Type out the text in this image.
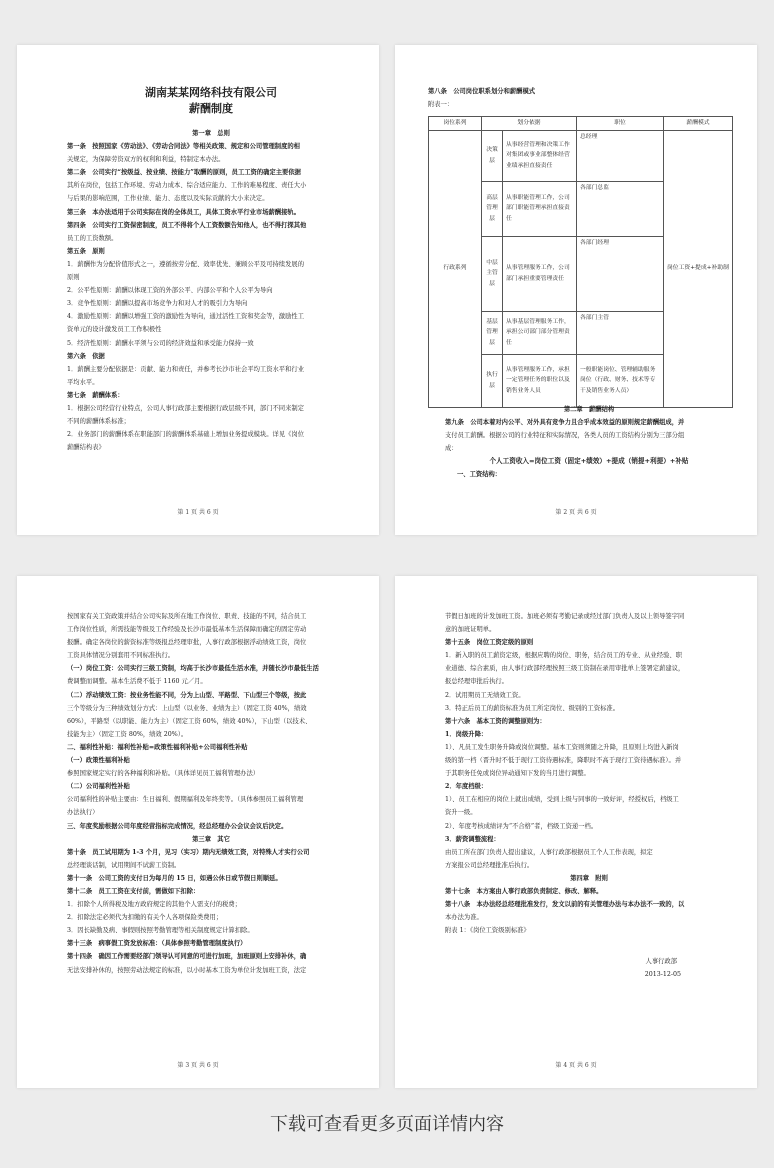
湖南某某网络科技有限公司

薪酬制度

第一章　总则

第一条　按照国家《劳动法》、《劳动合同法》等相关政策、规定和公司管理制度的相

关规定，为保障劳资双方的权利和利益，特制定本办法。

第二条　公司实行“按级益、按业绩、按能力”取酬的原则，员工工资的确定主要依据

其所在岗位，包括工作环境、劳动力成本、综合适应能力、工作的难易程度、责任大小

与后果的影响范围，工作业绩、能力、态度以及实际贡献的大小来决定。

第三条　本办法适用于公司实际在岗的全体员工，具体工资水平行业市场薪酬接轨。

第四条　公司实行工资保密制度，员工不得将个人工资数额告知他人，也不得打探其他

员工的工资数额。

第五条　原则

1．薪酬作为分配价值形式之一，遵循按劳分配、效率优先、兼顾公平及可持续发展的

原则

2．公平性原则：薪酬以体现工资的外部公平、内部公平和个人公平为导向

3．竞争性原则：薪酬以提高市场竞争力和对人才的吸引力为导向

4．激励性原则：薪酬以增强工资的激励性为导向，通过活性工资和奖金等，激励性工

资单元的设计激发员工工作积极性

5．经济性原则：薪酬水平须与公司的经济效益和承受能力保持一致

第六条　依据

1．薪酬主要分配依据是：贡献、能力和责任，并参考长沙市社会平均工资水平和行业

平均水平。

第七条　薪酬体系：

1．根据公司经营行业特点，公司人事行政部主要根据行政层级不同，部门不同来制定

不同的薪酬体系标准；

2．业务部门的薪酬体系在职能部门的薪酬体系基础上增加业务提成模块。详见《岗位

薪酬结构表》

第 1 页 共 6 页

第八条　公司岗位职系划分和薪酬模式

附表一：

岗位系列	划分依据		职位	薪酬模式
行政系列	决策层	从事经营管理和决策工作对集团或事业部整体经营业绩承担直接责任	总经理	岗位工资+提成+补助制
	高层管理层	从事职能管理工作，公司部门职能管理承担直接责任	各部门总监	
	中层主管层	从事管理服务工作，公司部门承担重要管理责任	各部门经理	
	基层管理层	从事基层管理服务工作，承担公司部门部分管理责任	各部门主管	
	执行层	从事管理服务工作，承担一定管理任务的职位以及销售业务人员	一般职能岗位、管理辅助服务岗位（行政、财务、技术等专干及销售业务人员）	

第二章　薪酬结构

第九条　公司本着对内公平、对外具有竞争力且合乎成本效益的原则规定薪酬组成，并

支付员工薪酬。根据公司的行业特征和实际情况，各类人员的工资结构分别为三部分组

成：

个人工资收入=岗位工资（固定+绩效）+提成（销提+利提）+补贴

一、工资结构：

第 2 页 共 6 页

按国家有关工资政策并结合公司实际及所在地工作岗位、职责、技能的不同，结合员工

工作岗位性质，所需技能等级及工作经验及长沙市最低基本生活保障而确定的固定劳动

报酬。确定各岗位的薪资标准等级报总经理审批，人事行政部根据浮动绩效工资，岗位

工资具体情况分别套用不同标准执行。

（一）岗位工资：公司实行三级工资制，均高于长沙市最低生活水准，并随长沙市最低生活

费调整而调整。基本生活费不低于 1160 元／月。

（二）浮动绩效工资：按业务性能不同，分为上山型、平路型、下山型三个等级，按此

三个等级分为三种绩效划分方式：上山型（以业务、业绩为主）（固定工资 40%，绩效

60%），平路型（以职能、能力为主）（固定工资 60%，绩效 40%），下山型（以技术、

技能为主）（固定工资 80%，绩效 20%）。

二、福利性补贴：福利性补贴=政策性福利补贴+公司福利性补贴

（一）政策性福利补贴

参照国家规定实行的各种福利和补贴。（具体详见员工福利管理办法）

（二）公司福利性补贴

公司福利性的补贴主要由：生日福利、假期福利及年终奖等。（具体参照员工福利管理

办法执行）

三、年度奖励根据公司年度经营指标完成情况，经总经理办公会议会议后決定。

第三章　其它

第十条　员工试用期为 1-3 个月，见习（实习）期内无绩效工资，对特殊人才实行公司

总经理谈话制，试用期间不试薪工资制。

第十一条　公司工资的支付日为每月的 15 日，如遇公休日或节假日则顺延。

第十二条　员工工资在支付前，需做如下扣除：

1．扣除个人所得税及地方政府规定的其他个人需支付的税费；

2．扣除法定必须代为扣缴的有关个人各项保险类费用；

3．因长缺勤及病、事假则按照考勤管理等相关制度规定计算扣除。

第十三条　病事假工资发放标准：（具体参照考勤管理制度执行）

第十四条　确因工作需要经部门领导认可同意的可进行加班，加班原则上安排补休，确

无法安排补休的，按照劳动法规定的标准，以小时基本工资为单位计发加班工资，法定

第 3 页 共 6 页

节假日加班的计发加班工资。加班必须有考勤记录或经过部门负责人及以上领导签字同

意的加班证明单。

第十五条　岗位工资定级的原则

1．新入职的员工薪资定级，根据应聘的岗位、职务，结合员工的专业、从业经验、职

业道德、综合素质，由人事行政部经理按照三级工资制在录用审批单上签署定薪建议，

报总经理审批后执行。

2．试用期员工无绩效工资。

3．特正后员工的薪资标准为员工所定岗位、级别的工资标准。

第十六条　基本工资的调整原则为：

1．岗级升降：

1）、凡员工发生职务升降或岗位调整。基本工资则须随之升降，且原则上均进入新岗

级的第一档（晋升时不低于现行工资待遇标准，降职时不高于现行工资待遇标准）。并

于其职务任免或岗位异动通知下发的当月进行调整。

2．年度档级：

1）、员工在相应的岗位上就出成绩，受到上级与同事的一致好评，经授权后，档级工

资升一级。

2）、年度考核成绩评为“不合格”者，档级工资递一档。

3．薪资调整流程：

由员工所在部门负责人提出建议，人事行政部根据员工个人工作表现，拟定

方案报公司总经理批准后执行。

第四章　附则

第十七条　本方案由人事行政部负责制定、修改、解释。

第十八条　本办法经总经理批准发行，发文以前的有关管理办法与本办法不一致的，以

本办法为准。

附表 1：《岗位工资级别标准》

人事行政部

2013-12-05

第 4 页 共 6 页
下载可查看更多页面详情内容
